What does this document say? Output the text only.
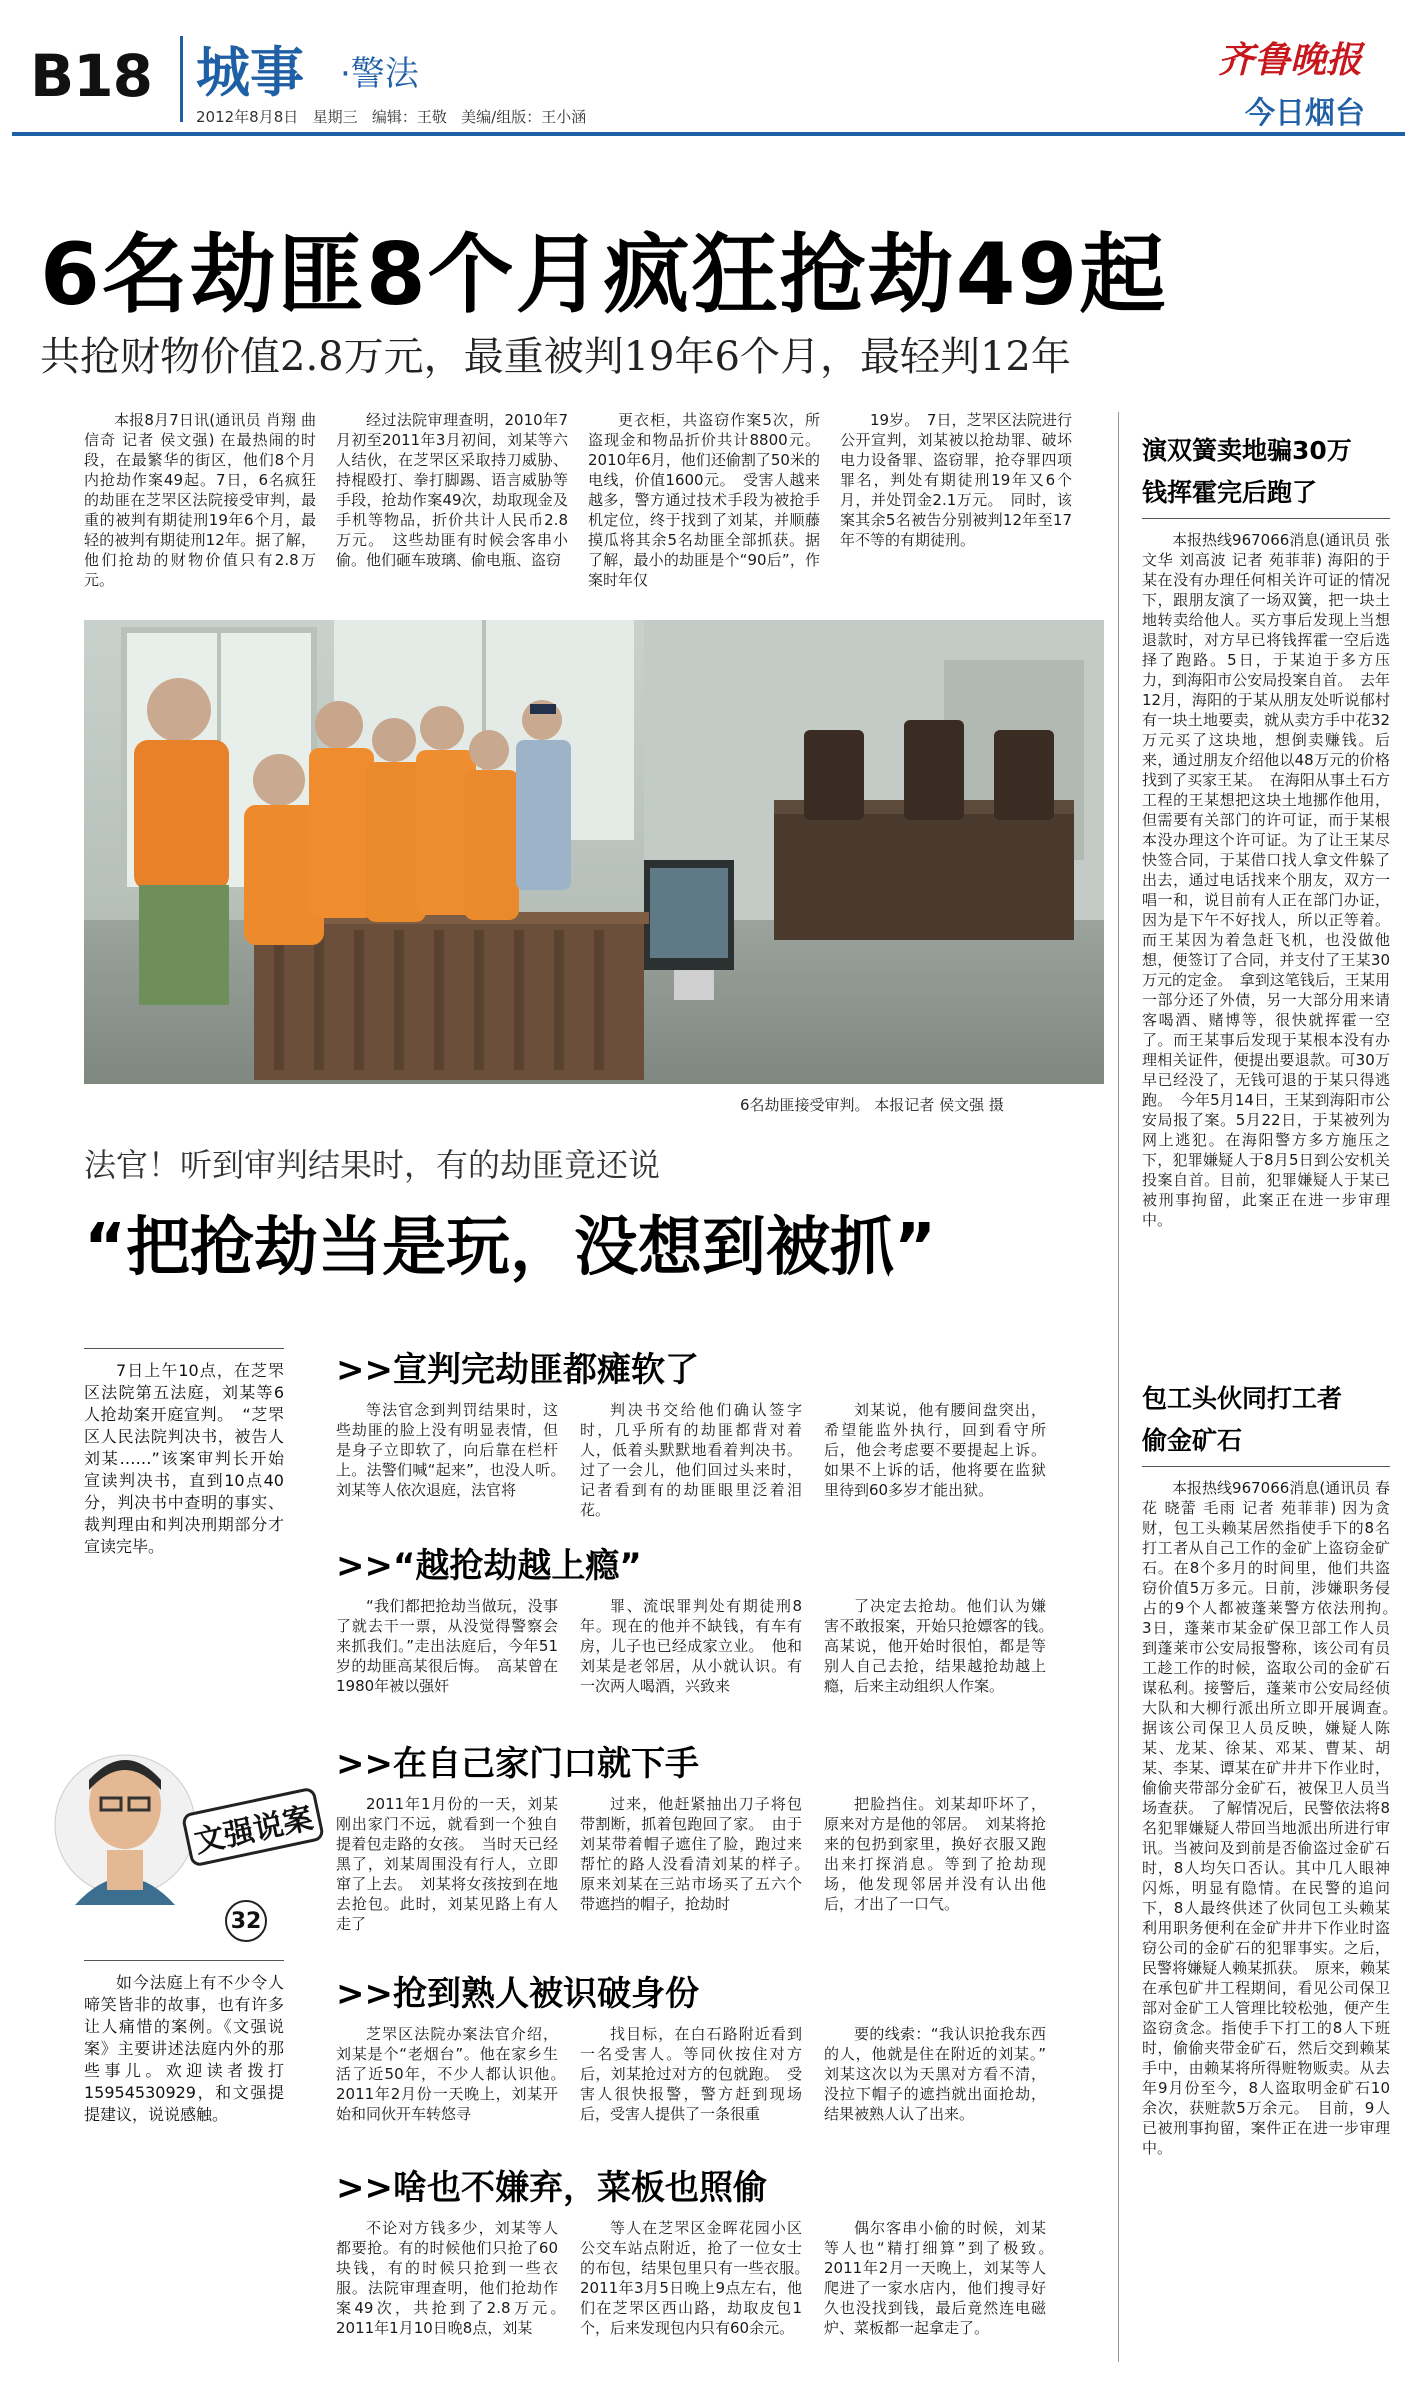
B18 城事 ·警法
2012年8月8日   星期三   编辑：王敬   美编/组版：王小涵
齐鲁晚报
今日烟台
6名劫匪8个月疯狂抢劫49起
共抢财物价值2.8万元，最重被判19年6个月，最轻判12年

本报8月7日讯(通讯员 肖翔 曲信奇 记者 侯文强) 在最热闹的时段，在最繁华的街区，他们8个月内抢劫作案49起。7日，6名疯狂的劫匪在芝罘区法院接受审判，最重的被判有期徒刑19年6个月，最轻的被判有期徒刑12年。据了解，他们抢劫的财物价值只有2.8万元。

经过法院审理查明，2010年7月初至2011年3月初间，刘某等六人结伙，在芝罘区采取持刀威胁、持棍殴打、拳打脚踢、语言威胁等手段，抢劫作案49次，劫取现金及手机等物品，折价共计人民币2.8万元。　这些劫匪有时候会客串小偷。他们砸车玻璃、偷电瓶、盗窃

更衣柜，共盗窃作案5次，所盗现金和物品折价共计8800元。2010年6月，他们还偷割了50米的电线，价值1600元。　受害人越来越多，警方通过技术手段为被抢手机定位，终于找到了刘某，并顺藤摸瓜将其余5名劫匪全部抓获。据了解，最小的劫匪是个“90后”，作案时年仅

19岁。　7日，芝罘区法院进行公开宣判，刘某被以抢劫罪、破坏电力设备罪、盗窃罪，抢夺罪四项罪名，判处有期徒刑19年又6个月，并处罚金2.1万元。　同时，该案其余5名被告分别被判12年至17年不等的有期徒刑。

6名劫匪接受审判。 本报记者 侯文强 摄
法官！听到审判结果时，有的劫匪竟还说
“把抢劫当是玩，没想到被抓”

7日上午10点，在芝罘区法院第五法庭，刘某等6人抢劫案开庭宣判。　“芝罘区人民法院判决书，被告人刘某……”该案审判长开始宣读判决书，直到10点40分，判决书中查明的事实、裁判理由和判决刑期部分才宣读完毕。

文强说案
32

如今法庭上有不少令人啼笑皆非的故事，也有许多让人痛惜的案例。《文强说案》主要讲述法庭内外的那些事儿。欢迎读者拨打15954530929，和文强提提建议，说说感触。

>>宣判完劫匪都瘫软了

等法官念到判罚结果时，这些劫匪的脸上没有明显表情，但是身子立即软了，向后靠在栏杆上。法警们喊“起来”，也没人听。　刘某等人依次退庭，法官将

判决书交给他们确认签字时，几乎所有的劫匪都背对着人，低着头默默地看着判决书。过了一会儿，他们回过头来时，记者看到有的劫匪眼里泛着泪花。

刘某说，他有腰间盘突出，希望能监外执行，回到看守所后，他会考虑要不要提起上诉。如果不上诉的话，他将要在监狱里待到60多岁才能出狱。

>>“越抢劫越上瘾”

“我们都把抢劫当做玩，没事了就去干一票，从没觉得警察会来抓我们。”走出法庭后，今年51岁的劫匪高某很后悔。　高某曾在1980年被以强奸

罪、流氓罪判处有期徒刑8年。现在的他并不缺钱，有车有房，儿子也已经成家立业。　他和刘某是老邻居，从小就认识。有一次两人喝酒，兴致来

了决定去抢劫。他们认为嫌害不敢报案，开始只抢嫖客的钱。　高某说，他开始时很怕，都是等别人自己去抢，结果越抢劫越上瘾，后来主动组织人作案。

>>在自己家门口就下手

2011年1月份的一天，刘某刚出家门不远，就看到一个独自提着包走路的女孩。　当时天已经黑了，刘某周围没有行人，立即窜了上去。　刘某将女孩按到在地去抢包。此时，刘某见路上有人走了

过来，他赶紧抽出刀子将包带割断，抓着包跑回了家。　由于刘某带着帽子遮住了脸，跑过来帮忙的路人没看清刘某的样子。　原来刘某在三站市场买了五六个带遮挡的帽子，抢劫时

把脸挡住。刘某却吓坏了，原来对方是他的邻居。　刘某将抢来的包扔到家里，换好衣服又跑出来打探消息。等到了抢劫现场，他发现邻居并没有认出他后，才出了一口气。

>>抢到熟人被识破身份

芝罘区法院办案法官介绍，刘某是个“老烟台”。他在家乡生活了近50年，不少人都认识他。　2011年2月份一天晚上，刘某开始和同伙开车转悠寻

找目标，在白石路附近看到一名受害人。等同伙按住对方后，刘某抢过对方的包就跑。　受害人很快报警，警方赶到现场后，受害人提供了一条很重

要的线索：“我认识抢我东西的人，他就是住在附近的刘某。”　刘某这次以为天黑对方看不清，没拉下帽子的遮挡就出面抢劫，结果被熟人认了出来。

>>啥也不嫌弃，菜板也照偷

不论对方钱多少，刘某等人都要抢。有的时候他们只抢了60块钱，有的时候只抢到一些衣服。法院审理查明，他们抢劫作案49次，共抢到了2.8万元。　2011年1月10日晚8点，刘某

等人在芝罘区金晖花园小区公交车站点附近，抢了一位女士的布包，结果包里只有一些衣服。　2011年3月5日晚上9点左右，他们在芝罘区西山路，劫取皮包1个，后来发现包内只有60余元。

偶尔客串小偷的时候，刘某等人也“精打细算”到了极致。　2011年2月一天晚上，刘某等人爬进了一家水店内，他们搜寻好久也没找到钱，最后竟然连电磁炉、菜板都一起拿走了。

演双簧卖地骗30万
钱挥霍完后跑了

本报热线967066消息(通讯员 张文华 刘高波 记者 苑菲菲) 海阳的于某在没有办理任何相关许可证的情况下，跟朋友演了一场双簧，把一块土地转卖给他人。买方事后发现上当想退款时，对方早已将钱挥霍一空后选择了跑路。5日，于某迫于多方压力，到海阳市公安局投案自首。　去年12月，海阳的于某从朋友处听说郁村有一块土地要卖，就从卖方手中花32万元买了这块地，想倒卖赚钱。后来，通过朋友介绍他以48万元的价格找到了买家王某。　在海阳从事土石方工程的王某想把这块土地挪作他用，但需要有关部门的许可证，而于某根本没办理这个许可证。为了让王某尽快签合同，于某借口找人拿文件躲了出去，通过电话找来个朋友，双方一唱一和，说目前有人正在部门办证，因为是下午不好找人，所以正等着。而王某因为着急赶飞机，也没做他想，便签订了合同，并支付了王某30万元的定金。　拿到这笔钱后，王某用一部分还了外债，另一大部分用来请客喝酒、赌博等，很快就挥霍一空了。而王某事后发现于某根本没有办理相关证件，便提出要退款。可30万早已经没了，无钱可退的于某只得逃跑。　今年5月14日，王某到海阳市公安局报了案。5月22日，于某被列为网上逃犯。在海阳警方多方施压之下，犯罪嫌疑人于8月5日到公安机关投案自首。目前，犯罪嫌疑人于某已被刑事拘留，此案正在进一步审理中。

包工头伙同打工者
偷金矿石

本报热线967066消息(通讯员 春花 晓蕾 毛雨 记者 苑菲菲) 因为贪财，包工头赖某居然指使手下的8名打工者从自己工作的金矿上盗窃金矿石。在8个多月的时间里，他们共盗窃价值5万多元。日前，涉嫌职务侵占的9个人都被蓬莱警方依法刑拘。　3日，蓬莱市某金矿保卫部工作人员到蓬莱市公安局报警称，该公司有员工趁工作的时候，盗取公司的金矿石谋私利。接警后，蓬莱市公安局经侦大队和大柳行派出所立即开展调查。　据该公司保卫人员反映，嫌疑人陈某、龙某、徐某、邓某、曹某、胡某、李某、谭某在矿井井下作业时，偷偷夹带部分金矿石，被保卫人员当场查获。　了解情况后，民警依法将8名犯罪嫌疑人带回当地派出所进行审讯。当被问及到前是否偷盗过金矿石时，8人均矢口否认。其中几人眼神闪烁，明显有隐情。在民警的追问下，8人最终供述了伙同包工头赖某利用职务便利在金矿井井下作业时盗窃公司的金矿石的犯罪事实。之后，民警将嫌疑人赖某抓获。　原来，赖某在承包矿井工程期间，看见公司保卫部对金矿工人管理比较松弛，便产生盗窃贪念。指使手下打工的8人下班时，偷偷夹带金矿石，然后交到赖某手中，由赖某将所得赃物贩卖。从去年9月份至今，8人盗取明金矿石10余次，获赃款5万余元。　目前，9人已被刑事拘留，案件正在进一步审理中。
